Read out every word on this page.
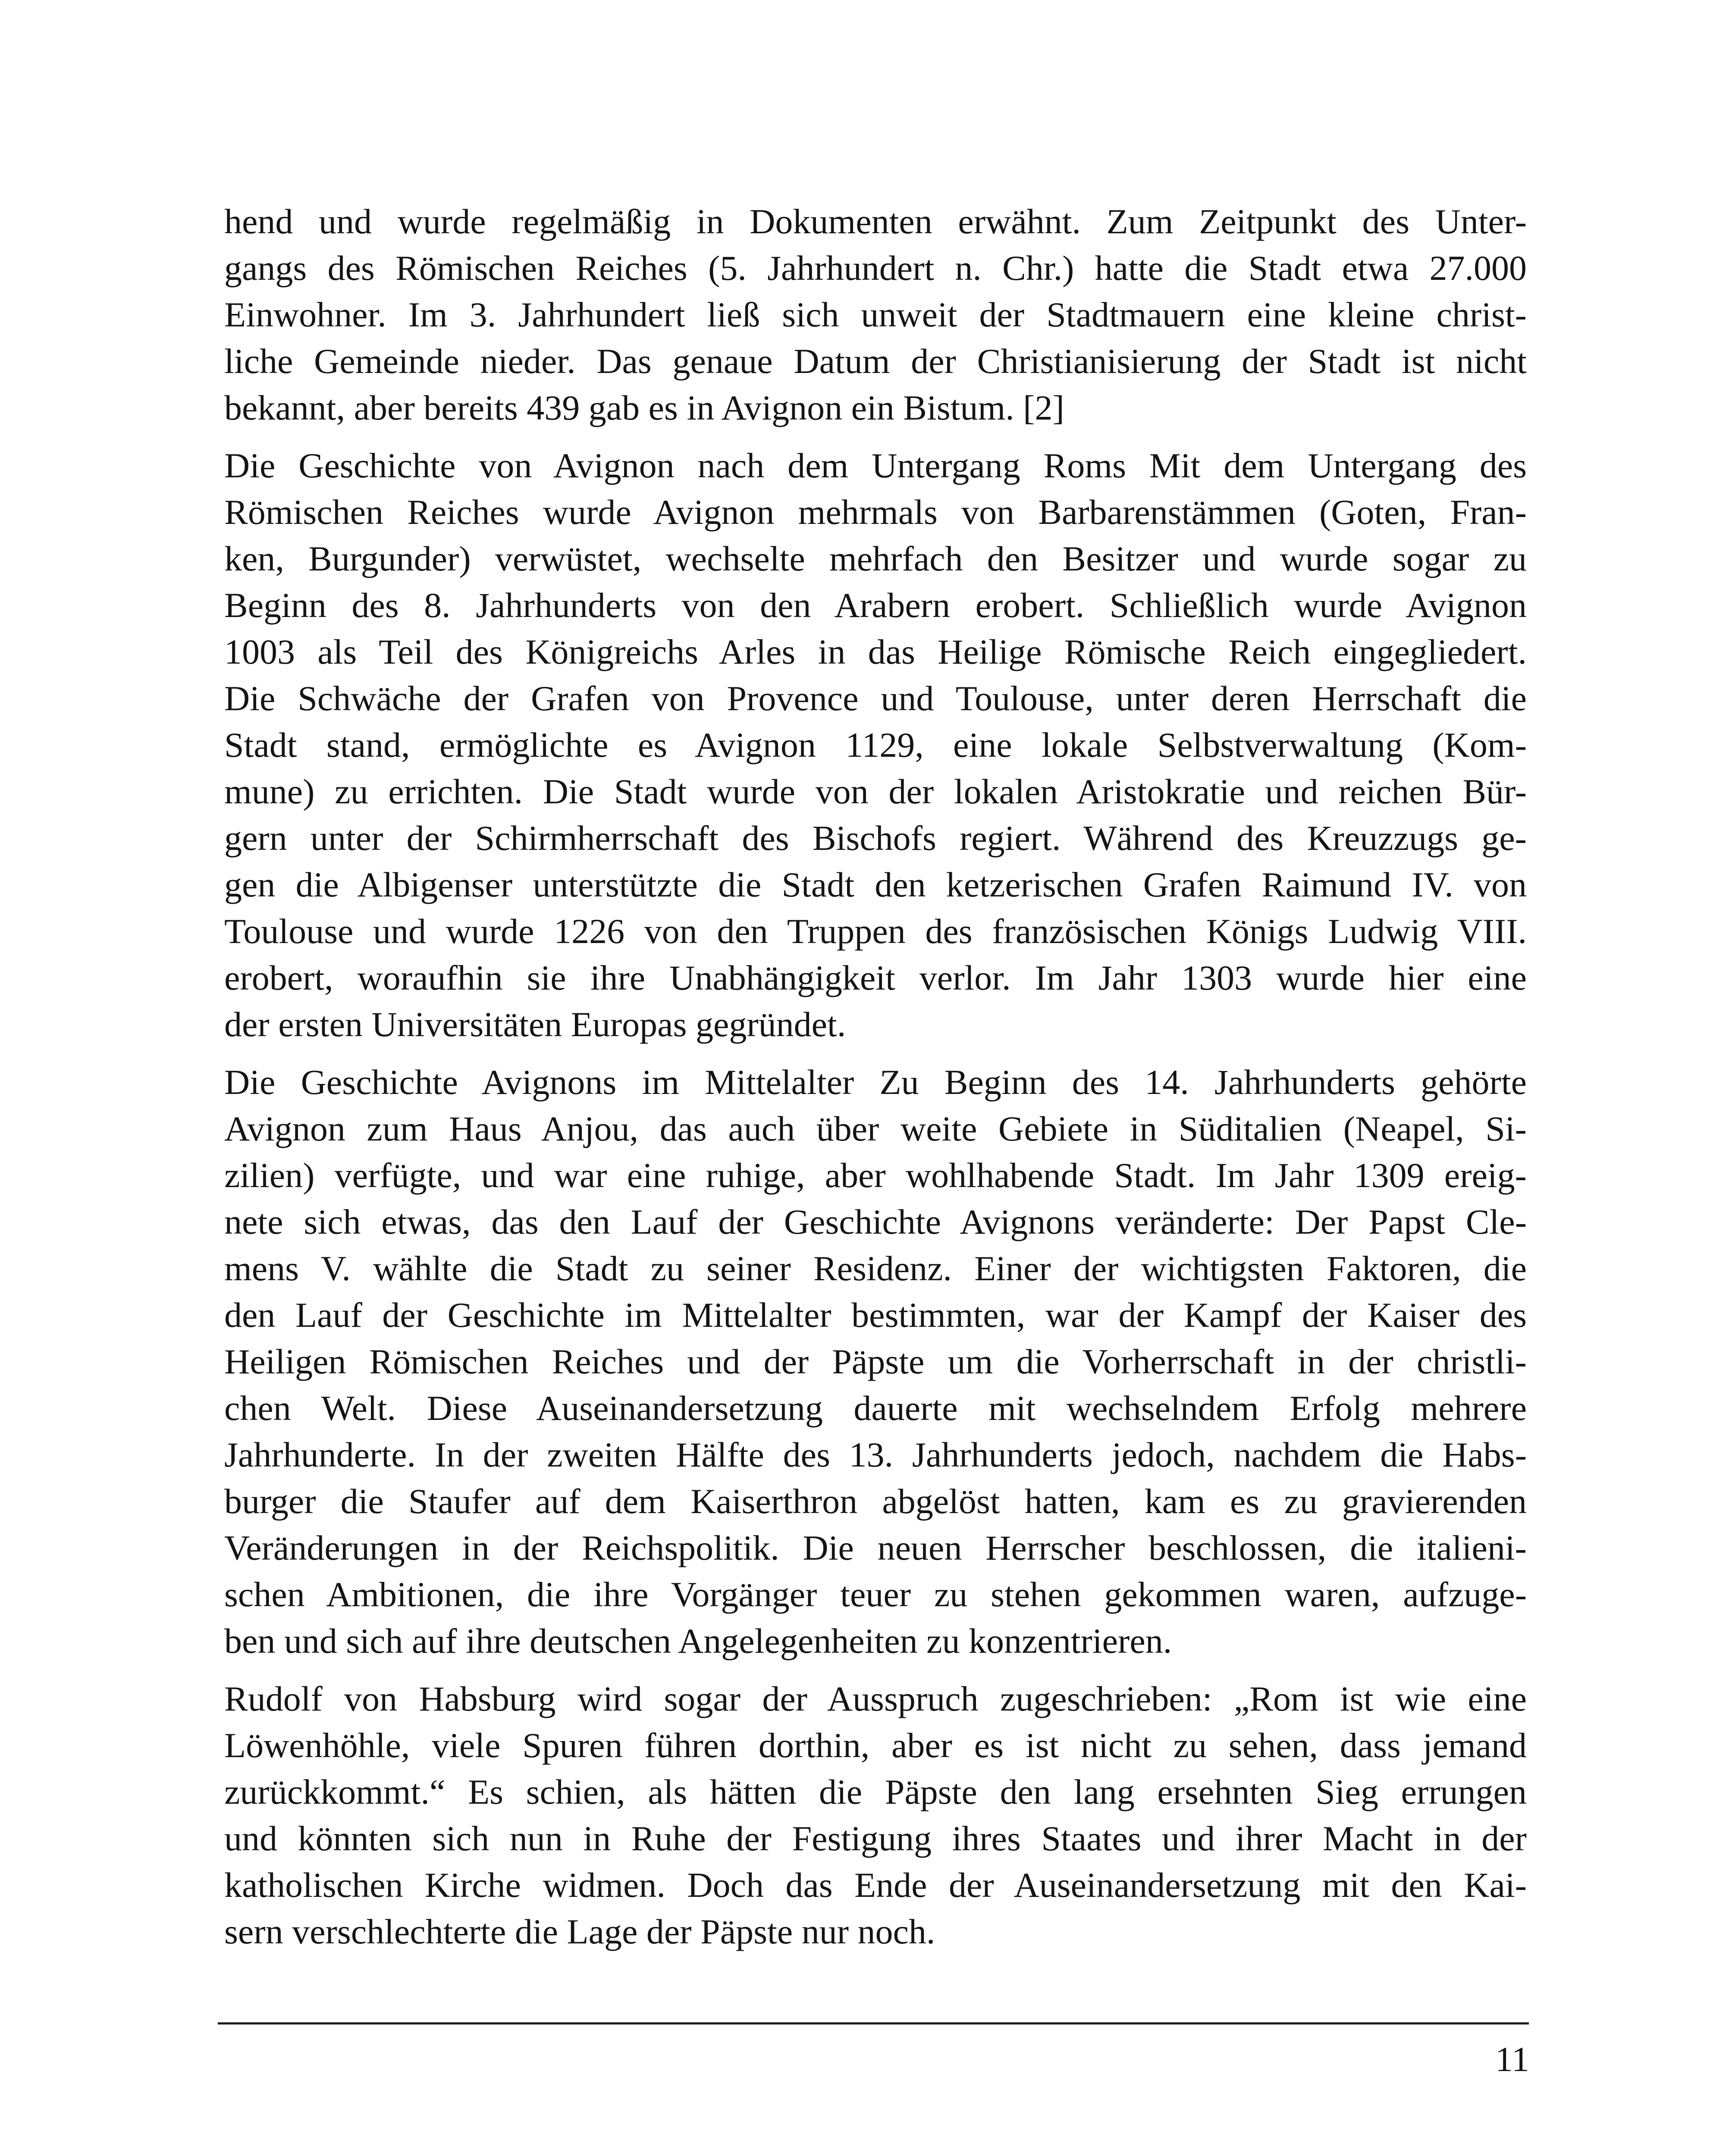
hend und wurde regelmäßig in Dokumenten erwähnt. Zum Zeitpunkt des Unter-
gangs des Römischen Reiches (5. Jahrhundert n. Chr.) hatte die Stadt etwa 27.000
Einwohner. Im 3. Jahrhundert ließ sich unweit der Stadtmauern eine kleine christ-
liche Gemeinde nieder. Das genaue Datum der Christianisierung der Stadt ist nicht
bekannt, aber bereits 439 gab es in Avignon ein Bistum. [2]
Die Geschichte von Avignon nach dem Untergang Roms Mit dem Untergang des
Römischen Reiches wurde Avignon mehrmals von Barbarenstämmen (Goten, Fran-
ken, Burgunder) verwüstet, wechselte mehrfach den Besitzer und wurde sogar zu
Beginn des 8. Jahrhunderts von den Arabern erobert. Schließlich wurde Avignon
1003 als Teil des Königreichs Arles in das Heilige Römische Reich eingegliedert.
Die Schwäche der Grafen von Provence und Toulouse, unter deren Herrschaft die
Stadt stand, ermöglichte es Avignon 1129, eine lokale Selbstverwaltung (Kom-
mune) zu errichten. Die Stadt wurde von der lokalen Aristokratie und reichen Bür-
gern unter der Schirmherrschaft des Bischofs regiert. Während des Kreuzzugs ge-
gen die Albigenser unterstützte die Stadt den ketzerischen Grafen Raimund IV. von
Toulouse und wurde 1226 von den Truppen des französischen Königs Ludwig VIII.
erobert, woraufhin sie ihre Unabhängigkeit verlor. Im Jahr 1303 wurde hier eine
der ersten Universitäten Europas gegründet.
Die Geschichte Avignons im Mittelalter Zu Beginn des 14. Jahrhunderts gehörte
Avignon zum Haus Anjou, das auch über weite Gebiete in Süditalien (Neapel, Si-
zilien) verfügte, und war eine ruhige, aber wohlhabende Stadt. Im Jahr 1309 ereig-
nete sich etwas, das den Lauf der Geschichte Avignons veränderte: Der Papst Cle-
mens V. wählte die Stadt zu seiner Residenz. Einer der wichtigsten Faktoren, die
den Lauf der Geschichte im Mittelalter bestimmten, war der Kampf der Kaiser des
Heiligen Römischen Reiches und der Päpste um die Vorherrschaft in der christli-
chen Welt. Diese Auseinandersetzung dauerte mit wechselndem Erfolg mehrere
Jahrhunderte. In der zweiten Hälfte des 13. Jahrhunderts jedoch, nachdem die Habs-
burger die Staufer auf dem Kaiserthron abgelöst hatten, kam es zu gravierenden
Veränderungen in der Reichspolitik. Die neuen Herrscher beschlossen, die italieni-
schen Ambitionen, die ihre Vorgänger teuer zu stehen gekommen waren, aufzuge-
ben und sich auf ihre deutschen Angelegenheiten zu konzentrieren.
Rudolf von Habsburg wird sogar der Ausspruch zugeschrieben: „Rom ist wie eine
Löwenhöhle, viele Spuren führen dorthin, aber es ist nicht zu sehen, dass jemand
zurückkommt.“ Es schien, als hätten die Päpste den lang ersehnten Sieg errungen
und könnten sich nun in Ruhe der Festigung ihres Staates und ihrer Macht in der
katholischen Kirche widmen. Doch das Ende der Auseinandersetzung mit den Kai-
sern verschlechterte die Lage der Päpste nur noch.
11
